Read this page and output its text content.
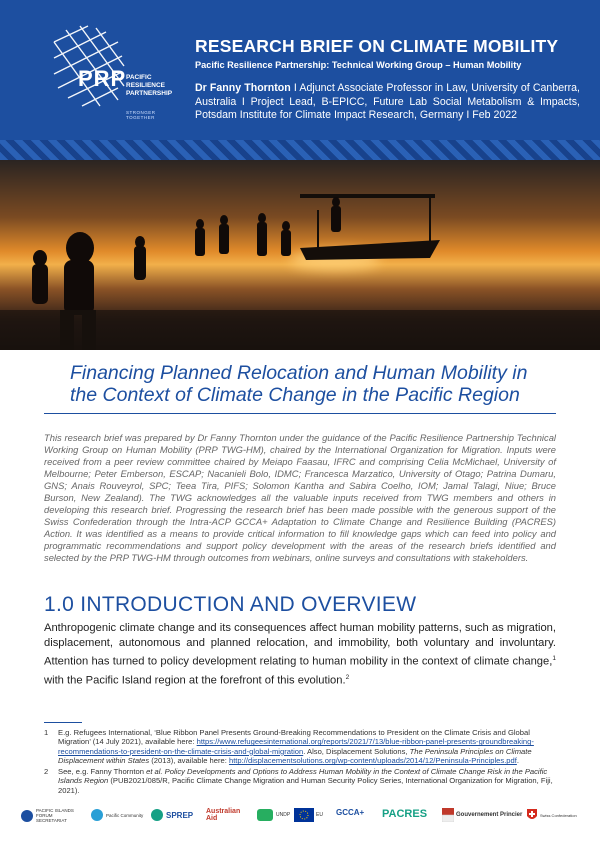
PRP PACIFIC
RESILIENCE
PARTNERSHIP
STRONGER TOGETHER
RESEARCH BRIEF ON CLIMATE MOBILITY
Pacific Resilience Partnership: Technical Working Group – Human Mobility
Dr Fanny Thornton I Adjunct Associate Professor in Law, University of Canberra, Australia I Project Lead, B-EPICC, Future Lab Social Metabolism & Impacts, Potsdam Institute for Climate Impact Research, Germany I Feb 2022
Financing Planned Relocation and Human Mobility in the Context of Climate Change in the Pacific Region
This research brief was prepared by Dr Fanny Thornton under the guidance of the Pacific Resilience Partnership Technical Working Group on Human Mobility (PRP TWG-HM), chaired by the International Organization for Migration. Inputs were received from a peer review committee chaired by Meiapo Faasau, IFRC and comprising Celia McMichael, University of Melbourne; Peter Emberson, ESCAP; Nacanieli Bolo, IDMC; Francesca Marzatico, University of Otago; Patrina Dumaru, GNS; Anais Rouveyrol, SPC; Teea Tira, PIFS; Solomon Kantha and Sabira Coelho, IOM; Jamal Talagi, Niue; Bruce Burson, New Zealand). The TWG acknowledges all the valuable inputs received from TWG members and others in developing this research brief. Progressing the research brief has been made possible with the generous support of the Swiss Confederation through the Intra-ACP GCCA+ Adaptation to Climate Change and Resilience Building (PACRES) Action. It was identified as a means to provide critical information to fill knowledge gaps which can feed into policy and programmatic recommendations and support policy development with the areas of the research briefs identified and selected by the PRP TWG-HM through outcomes from webinars, online surveys and consultations with stakeholders.
1.0 INTRODUCTION AND OVERVIEW
Anthropogenic climate change and its consequences affect human mobility patterns, such as migration, displacement, autonomous and planned relocation, and immobility, both voluntary and involuntary. Attention has turned to policy development relating to human mobility in the context of climate change,$^1$ with the Pacific Island region at the forefront of this evolution.$^2$
1 E.g. Refugees International, ‘Blue Ribbon Panel Presents Ground-Breaking Recommendations to President on the Climate Crisis and Global Migration’ (14 July 2021), available here: https://www.refugeesinternational.org/reports/2021/7/13/blue-ribbon-panel-presents-groundbreaking-recommendations-to-president-on-the-climate-crisis-and-global-migration. Also, Displacement Solutions, The Peninsula Principles on Climate Displacement within States (2013), available here: http://displacementsolutions.org/wp-content/uploads/2014/12/Peninsula-Principles.pdf.
2 See, e.g. Fanny Thornton et al. Policy Developments and Options to Address Human Mobility in the Context of Climate Change Risk in the Pacific Islands Region (PUB2021/085/R, Pacific Climate Change Migration and Human Security Policy Series, International Organization for Migration, Fiji, 2021).
PACIFIC ISLANDS FORUM SECRETARIAT
Pacific Community	SPREP Australian Aid	UNDP	EU GCCA+ PACRES	Gouvernement Princier	Swiss Confederation
